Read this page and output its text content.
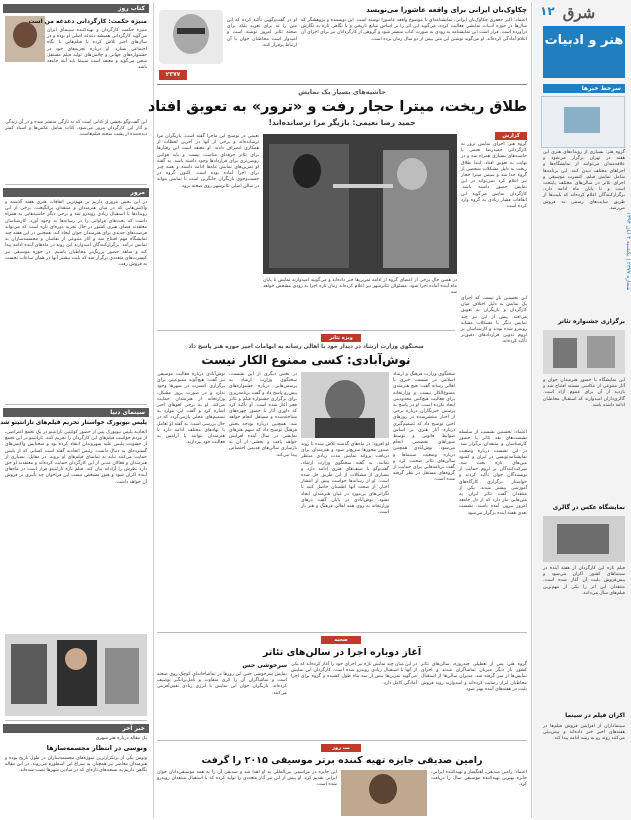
شرق
۱۲
هنر و ادبیات
شماره ۲۳۷۷ | یکشنبه ۴ آبان ۱۳۹۴
سرخط خبرها
گروه هنر: بسیاری از رویدادهای هنری این هفته در تهران برگزار می‌شود و علاقه‌مندان می‌توانند از نمایشگاه‌ها و اجراهای مختلف دیدن کنند. این برنامه‌ها شامل نمایش فیلم، کنسرت موسیقی و اجرای تئاتر در سالن‌های مختلف پایتخت است و تا پایان ماه ادامه دارد. برگزارکنندگان اعلام کرده‌اند که بلیت‌ها از طریق سایت‌های رسمی به فروش می‌رسد.
برگزاری جشنواره تئاتر
این نمایشگاه با حضور هنرمندان جوان و آثار متنوعی از عکاسی مستند افتتاح شد و بازدید از آن برای عموم آزاد است. گالری‌داران امیدوارند که استقبال مخاطبان ادامه داشته باشد.
نمایشگاه عکس در گالری
فیلم تازه این کارگردان از هفته آینده در سینماهای کشور اکران می‌شود و پیش‌فروش بلیت آن آغاز شده است. منتقدان این اثر را یکی از مهم‌ترین فیلم‌های سال می‌دانند.
اکران فیلم در سینما
سینماداران از افزایش فروش فیلم‌ها در هفته‌های اخیر خبر داده‌اند و پیش‌بینی می‌کنند روند رو به رشد ادامه پیدا کند.
کتاب روز
منیژه حکمت: کارگردانی دغدغه من است
منیژه حکمت کارگردان و تهیه‌کننده سینمای ایران می‌گوید کارگردانی همیشه دغدغه اصلی او بوده و در سال‌های اخیر تلاش کرده تا فیلم‌هایی با نگاه اجتماعی بسازد. او درباره تجربه‌های خود در جشنواره‌های جهانی و چالش‌های تولید فیلم مستقل سخن می‌گوید و معتقد است سینما باید آینه جامعه باشد.
این گفت‌وگو بخشی از کتابی است که به تازگی منتشر شده و در آن زندگی و آثار این کارگردان مرور می‌شود. کتاب شامل عکس‌ها و اسناد کمتر دیده‌شده از پشت صحنه فیلم‌هاست.
مرور
در این بخش مروری داریم بر مهم‌ترین اتفاقات هنری هفته گذشته و واکنش‌هایی که در میان هنرمندان و منتقدان برانگیخت. برخی از این رویدادها با استقبال زیادی روبه‌رو شد و برخی دیگر حاشیه‌هایی به همراه داشت که بحث‌های فراوانی را در رسانه‌ها به وجود آورد. کارشناسان معتقدند فضای هنری کشور در حال تجربه دوره‌ای تازه است که می‌تواند فرصت‌های جدیدی برای هنرمندان جوان ایجاد کند. همچنین در این هفته چند نمایشگاه مهم افتتاح شد و آثار متنوعی از نقاشان و مجسمه‌سازان به نمایش درآمد. برگزارکنندگان امیدوارند این روند در ماه‌های آینده ادامه پیدا کند و شاهد حضور پررنگ‌تر مخاطبان باشیم. در حوزه موسیقی نیز کنسرت‌های متعددی برگزار شد که بلیت بیشتر آنها در همان ساعات نخست به فروش رفت.
سینمای دنیا
پلیس نیویورک خواستار تحریم فیلم‌های تارانتینو شد
اتحادیه پلیس نیویورک پس از حضور کوئنتین تارانتینو در یک تجمع اعتراضی، از مردم خواست فیلم‌های این کارگردان را تحریم کنند. تارانتینو در این تجمع از خشونت پلیس علیه شهروندان انتقاد کرده بود و سخنانش واکنش‌های گسترده‌ای به دنبال داشت. رئیس اتحادیه گفته است کسانی که از پلیس حمایت می‌کنند نباید به تماشای فیلم‌های او بروند. در مقابل، بسیاری از هنرمندان و فعالان مدنی از این کارگردان حمایت کرده‌اند و معتقدند او حق دارد نظرش را آزادانه بیان کند. فیلم تازه تارانتینو قرار است در ماه‌های آینده اکران شود و هنوز مشخص نیست این فراخوان چه تأثیری بر فروش آن خواهد داشت.
خبر آخر
یک مقاله درباره هنر شهری
ونوسی در انتظار مجسمه‌سازها
ونوس یکی از پرتکرارترین سوژه‌های مجسمه‌سازان در طول تاریخ بوده و هنرمندان معاصر نیز همچنان به سراغ این اسطوره می‌روند. در این مقاله نگاهی داریم به نسخه‌های تازه‌ای که در میادین شهرها نصب شده‌اند.
چکاوک‌بان ایرانی برای واقعه عاشورا می‌نویسد
اعتماد: اکبر جعفری چکاوک‌بان ایرانی، نمایشنامه‌ای با موضوع واقعه عاشورا نوشته است. این نویسنده و پژوهشگر که سال‌ها در حوزه ادبیات نمایشی فعالیت کرده، می‌گوید این اثر را بر اساس منابع تاریخی و با نگاهی تازه به نگارش درآورده است. قرار است این نمایشنامه به زودی به صورت کتاب منتشر شود و گروهی از کارگردانان نیز برای اجرای آن اعلام آمادگی کرده‌اند. او می‌گوید نوشتن این متن بیش از دو سال زمان برده است.
او در گفت‌وگویی تأکید کرده که این متن را نه برای تعزیه بلکه برای صحنه تئاتر امروز نوشته است و امیدوار است مخاطبان جوان با آن ارتباط برقرار کنند.
۲۳۷۷
حاشیه‌های بسیار یک نمایش
طلاق ریخت، میترا حجار رفت و «ترور» به تعویق افتاد
حمید رضا نعیمی: بازیگر مرا ترسانده‌اند!
گزارش
گروه هنر: اجرای نمایش ترور به کارگردانی حمیدرضا نعیمی با حاشیه‌های بسیاری همراه شد و در نهایت به تعویق افتاد. ابتدا طلاق ریخت به دلیل مشکلات شخصی از گروه جدا شد و سپس میترا حجار نیز اعلام کرد نمی‌تواند در این نمایش حضور داشته باشد. کارگردان نمایش می‌گوید این اتفاقات فشار زیادی به گروه وارد کرده است.
نعیمی در توضیح این ماجرا گفته است: بازیگران مرا ترسانده‌اند و برخی از آنها در آخرین لحظات از همکاری انصراف دادند. او معتقد است این رفتارها برای تئاتر حرفه‌ای مناسب نیست و باید قوانین روشن‌تری برای قراردادها وجود داشته باشد. به گفته او تمرین‌های نمایش ماه‌ها ادامه داشته و همه چیز برای اجرا آماده بوده است. اکنون گروه در جست‌وجوی بازیگران جایگزین است تا نمایش بتواند در سالن اصلی تئاترشهر روی صحنه برود.
در همین حال برخی از اعضای گروه از ادامه تمرین‌ها خبر داده‌اند و می‌گویند امیدوارند نمایش تا پایان ماه آینده آماده اجرا شود. مسئولان تئاترشهر نیز اعلام کرده‌اند زمان تازه اجرا به زودی مشخص خواهد شد.
این نخستین بار نیست که اجرای یک نمایش به دلیل اختلاف میان کارگردان و بازیگران به تعویق می‌افتد. پیش از این نیز چند نمایش دیگر با مشکلات مشابه روبه‌رو شده بودند و کارشناسان بر لزوم تدوین قراردادهای دقیق‌تر تأکید کرده‌اند.
ویژه تئاتر
سخنگوی وزارت ارشاد در دیدار خود با اهالی رسانه به ابهامات اخیر حوزه هنر پاسخ داد
نوش‌آبادی: کسی ممنوع الکار نیست
سخنگوی وزارت فرهنگ و ارشاد اسلامی در نشست خبری با اهالی رسانه گفت: هیچ هنرمندی ممنوع‌الکار نیست و وزارتخانه برای فعالیت هیچ‌کس محدودیتی ایجاد نکرده است. او در پاسخ به پرسش خبرنگاران درباره برخی از اخبار منتشرشده در روزهای اخیر، توضیح داد که تصمیم‌گیری درباره آثار هنری بر اساس ضوابط قانونی و توسط شوراهای تخصصی انجام می‌شود. نوش‌آبادی همچنین درباره وضعیت سینماها و سالن‌های تئاتر صحبت کرد و گفت برنامه‌هایی برای حمایت از گروه‌های مستقل در نظر گرفته شده است.
او افزود: در ماه‌های گذشته تلاش شده تا روند صدور مجوزها سریع‌تر شود و هنرمندان برای دریافت پروانه نمایش مدت زیادی منتظر نمانند. به گفته سخنگوی وزارت ارشاد، گفت‌وگو با صنف‌های هنری ادامه دارد و بسیاری از مشکلات از این طریق حل شده است. او از رسانه‌ها خواست پیش از انتشار اخبار، از صحت آنها اطمینان حاصل کنند تا نگرانی‌های بی‌مورد در میان هنرمندان ایجاد نشود. نوش‌آبادی در پایان گفت درهای وزارتخانه به روی همه اهالی فرهنگ و هنر باز است.
در بخش دیگری از این نشست، سخنگوی وزارت ارشاد به پرسش‌هایی درباره جشنواره‌های پیش‌رو پاسخ داد و گفت برنامه‌ریزی برای برگزاری جشنواره فیلم و تئاتر فجر آغاز شده است. او تأکید کرد که داوری آثار با حضور چهره‌های شناخته‌شده و مستقل انجام خواهد شد. همچنین درباره بودجه بخش فرهنگ توضیح داد که سهم هنرهای نمایشی در سال آینده افزایش خواهد یافت و بخشی از آن به بازسازی سالن‌های قدیمی اختصاص پیدا می‌کند.
نوش‌آبادی درباره فعالیت موسیقی نیز گفت: هیچ‌گونه ممنوعیتی برای برگزاری کنسرت در شهرها وجود ندارد و در صورت بروز مشکل، وزارتخانه از هنرمندان حمایت می‌کند. او به برخی لغوهای اخیر اشاره کرد و گفت این موارد به تصمیم‌های محلی بازمی‌گردد که در حال بررسی است. به گفته او تعامل با نهادهای مختلف ادامه دارد تا هنرمندان بتوانند با آرامش به فعالیت خود بپردازند.
اعتماد: نخستین نشست از سلسله نشست‌های نقد تئاتر با حضور کارشناسان و منتقدان برگزار شد. در این نشست درباره وضعیت نمایشنامه‌نویسی در ایران و کمبود متن‌های تازه بحث شد. شرکت‌کنندگان بر لزوم حمایت از نویسندگان جوان تأکید کردند و خواستار برگزاری کارگاه‌های آموزشی بیشتر شدند. یکی از منتقدان گفت تئاتر ایران به متن‌هایی نیاز دارد که از دل جامعه امروز بیرون آمده باشند. نشست بعدی هفته آینده برگزار می‌شود.
صحنه
آغاز دوباره اجرا در سالن‌های تئاتر
گروه هنر: پس از تعطیلی چندروزه، سالن‌های تئاتر کشور بار دیگر میزبان تماشاگران شدند و اجرای نمایش‌ها از سر گرفته شد. مدیران سالن‌ها از استقبال مخاطبان ابراز رضایت کرده‌اند و امیدوارند روند فروش بلیت در هفته‌های آینده بهتر شود.
در این میان چند نمایش تازه نیز اجرای خود را آغاز کرده‌اند که یکی از آنها با استقبال زیادی روبه‌رو شده است. کارگردان این نمایش می‌گوید تمرین‌ها بیش از سه ماه طول کشیده و گروه برای اجرا آمادگی کامل دارد.
سرخوشی حس
نمایش سرخوشی حس این روزها در تماشاخانه‌ای کوچک روی صحنه است و تماشاگران آن را اثری متفاوت و تأمل‌برانگیز توصیف کرده‌اند. بازیگران جوان این نمایش با انرژی زیادی نقش‌آفرینی می‌کنند.
نت روز
رامین صدیقی جایزه تهیه کننده برتر موسیقی ۲۰۱۵ را گرفت
اعتماد: رامین صدیقی، آهنگساز و تهیه‌کننده ایرانی، جایزه بهترین تهیه‌کننده موسیقی سال را دریافت کرد.
این جایزه در مراسمی بین‌المللی به او اهدا شد و صدیقی آن را به همه موسیقی‌دانان جوان ایرانی تقدیم کرد. او پیش از این نیز آثار متعددی را تولید کرده که با استقبال منتقدان روبه‌رو شده است.
